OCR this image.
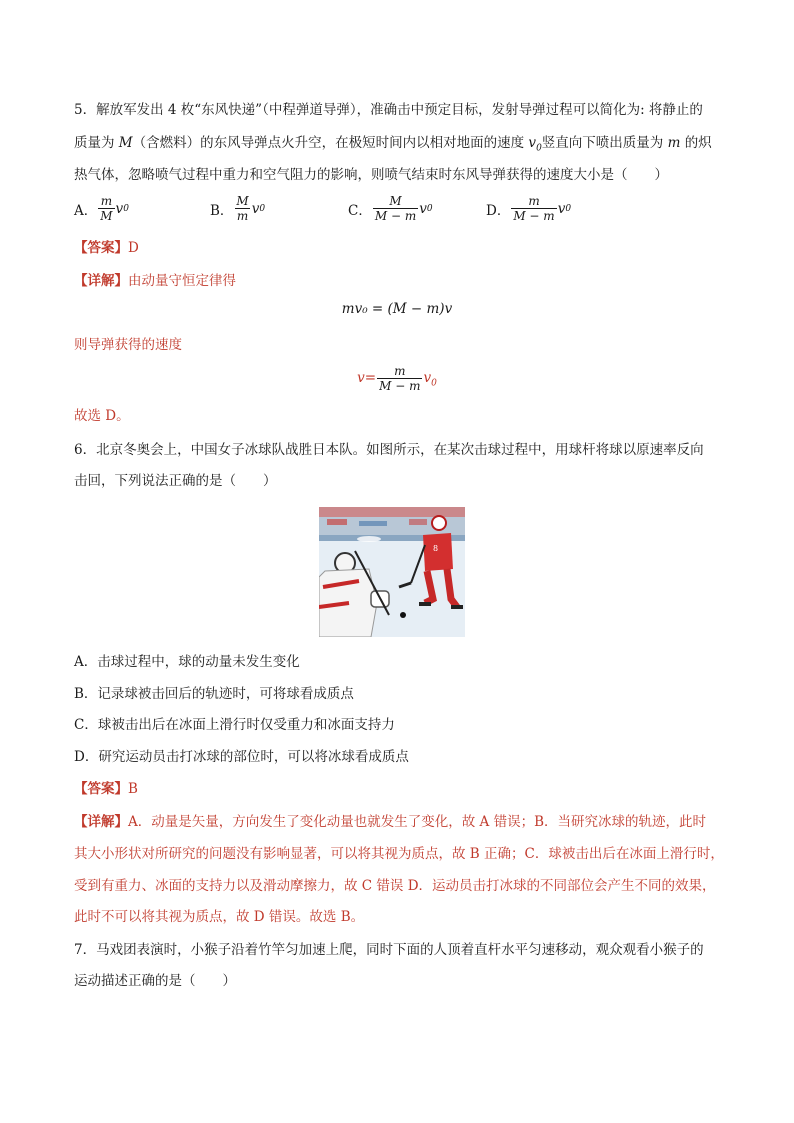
5．解放军发出 4 枚“东风快递”（中程弹道导弹），准确击中预定目标，发射导弹过程可以简化为: 将静止的
质量为 M（含燃料）的东风导弹点火升空，在极短时间内以相对地面的速度 $v_0$竖直向下喷出质量为 m 的炽
热气体，忽略喷气过程中重力和空气阻力的影响，则喷气结束时东风导弹获得的速度大小是（　　）
A． $\frac{m}{M}$ v 0	B． $\frac{M}{m}$ v 0	C． $\frac{M}{M - m}$ v 0	D． $\frac{m}{M - m}$ v 0
【答案】D
【详解】由动量守恒定律得
mv₀ = (M − m)v
则导弹获得的速度
$v= \frac{m}{M - m} v_0$
故选 D。
6．北京冬奥会上，中国女子冰球队战胜日本队。如图所示，在某次击球过程中，用球杆将球以原速率反向
击回，下列说法正确的是（　　）
8
A．击球过程中，球的动量未发生变化
B．记录球被击回后的轨迹时，可将球看成质点
C．球被击出后在冰面上滑行时仅受重力和冰面支持力
D．研究运动员击打冰球的部位时，可以将冰球看成质点
【答案】B
【详解】A．动量是矢量，方向发生了变化动量也就发生了变化，故 A 错误；B．当研究冰球的轨迹，此时
其大小形状对所研究的问题没有影响显著，可以将其视为质点，故 B 正确；C．球被击出后在冰面上滑行时，
受到有重力、冰面的支持力以及滑动摩擦力，故 C 错误 D．运动员击打冰球的不同部位会产生不同的效果，
此时不可以将其视为质点，故 D 错误。故选 B。
7．马戏团表演时，小猴子沿着竹竿匀加速上爬，同时下面的人顶着直杆水平匀速移动，观众观看小猴子的
运动描述正确的是（　　）
